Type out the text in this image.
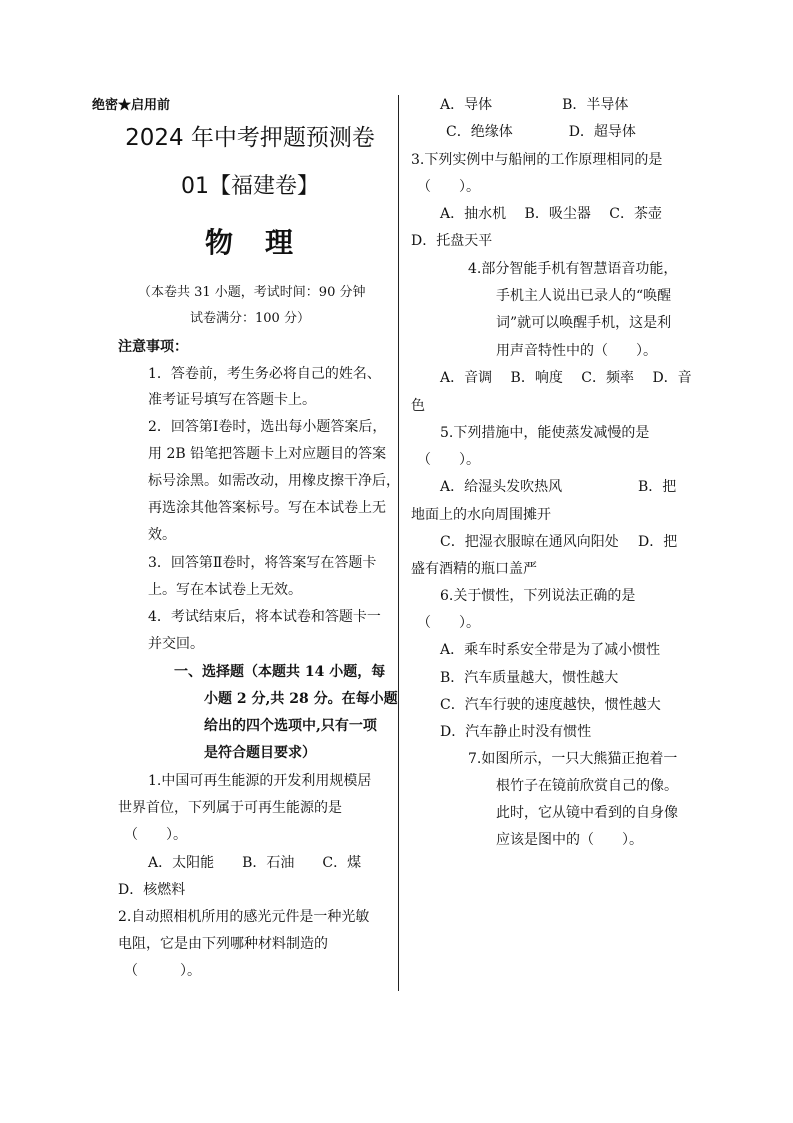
绝密★启用前
2024 年中考押题预测卷
01【福建卷】
物 理
（本卷共 31 小题，考试时间：90 分钟
试卷满分：100 分）
注意事项：
1．答卷前，考生务必将自己的姓名、
准考证号填写在答题卡上。
2．回答第Ⅰ卷时，选出每小题答案后，
用 2B 铅笔把答题卡上对应题目的答案
标号涂黑。如需改动，用橡皮擦干净后，
再选涂其他答案标号。写在本试卷上无
效。
3．回答第Ⅱ卷时，将答案写在答题卡
上。写在本试卷上无效。
4．考试结束后，将本试卷和答题卡一
并交回。
一、选择题（本题共 14 小题，每
小题 2 分,共 28 分。在每小题
给出的四个选项中,只有一项
是符合题目要求）
1.中国可再生能源的开发利用规模居
世界首位，下列属于可再生能源的是
（　　）。
A．太阳能　　B．石油　　C．煤
D．核燃料
2.自动照相机所用的感光元件是一种光敏
电阻，它是由下列哪种材料制造的
（　　　）。
A．导体　　　　　B．半导体
C．绝缘体　　　　D．超导体
3.下列实例中与船闸的工作原理相同的是
（　　）。
A．抽水机　 B．吸尘器　 C．茶壶
D．托盘天平
4.部分智能手机有智慧语音功能，
手机主人说出已录人的“唤醒
词”就可以唤醒手机，这是利
用声音特性中的（　　）。
A．音调　 B．响度　 C．频率　 D．音
色
5.下列措施中，能使蒸发减慢的是
（　　）。
A．给湿头发吹热风	B．把
地面上的水向周围摊开
C．把湿衣服晾在通风向阳处 D．把
盛有酒精的瓶口盖严
6.关于惯性，下列说法正确的是
（　　）。
A．乘车时系安全带是为了减小惯性
B．汽车质量越大，惯性越大
C．汽车行驶的速度越快，惯性越大
D．汽车静止时没有惯性
7.如图所示，一只大熊猫正抱着一
根竹子在镜前欣赏自己的像。
此时，它从镜中看到的自身像
应该是图中的（　　）。
